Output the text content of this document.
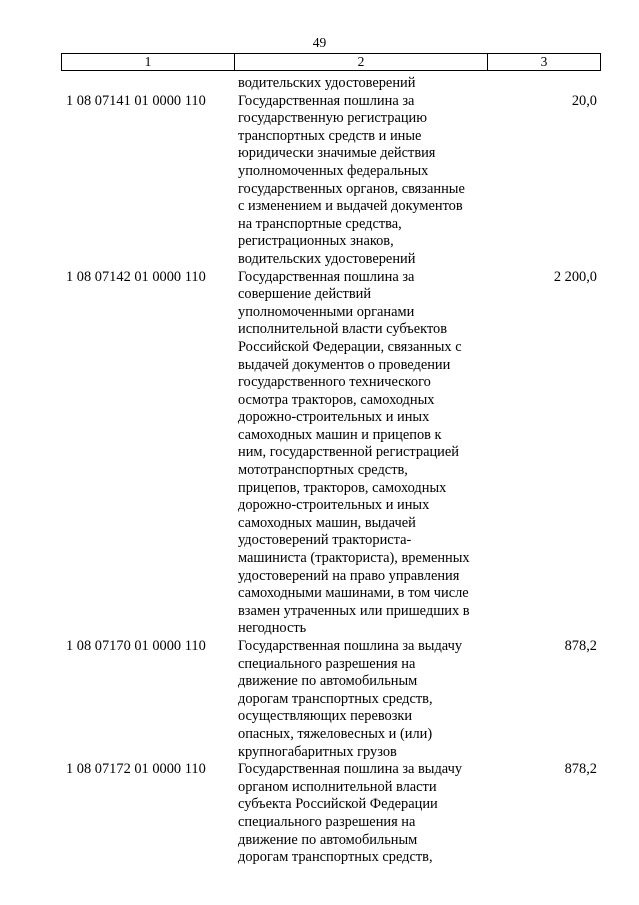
49
1	2	3
водительских удостоверений
1 08 07141 01 0000 110 Государственная пошлина за
государственную регистрацию
транспортных средств и иные
юридически значимые действия
уполномоченных федеральных
государственных органов, связанные
с изменением и выдачей документов
на транспортные средства,
регистрационных знаков,
водительских удостоверений
20,0
1 08 07142 01 0000 110 Государственная пошлина за
совершение действий
уполномоченными органами
исполнительной власти субъектов
Российской Федерации, связанных с
выдачей документов о проведении
государственного технического
осмотра тракторов, самоходных
дорожно-строительных и иных
самоходных машин и прицепов к
ним, государственной регистрацией
мототранспортных средств,
прицепов, тракторов, самоходных
дорожно-строительных и иных
самоходных машин, выдачей
удостоверений тракториста-
машиниста (тракториста), временных
удостоверений на право управления
самоходными машинами, в том числе
взамен утраченных или пришедших в
негодность
2 200,0
1 08 07170 01 0000 110 Государственная пошлина за выдачу
специального разрешения на
движение по автомобильным
дорогам транспортных средств,
осуществляющих перевозки
опасных, тяжеловесных и (или)
крупногабаритных грузов
878,2
1 08 07172 01 0000 110 Государственная пошлина за выдачу
органом исполнительной власти
субъекта Российской Федерации
специального разрешения на
движение по автомобильным
дорогам транспортных средств,
878,2
